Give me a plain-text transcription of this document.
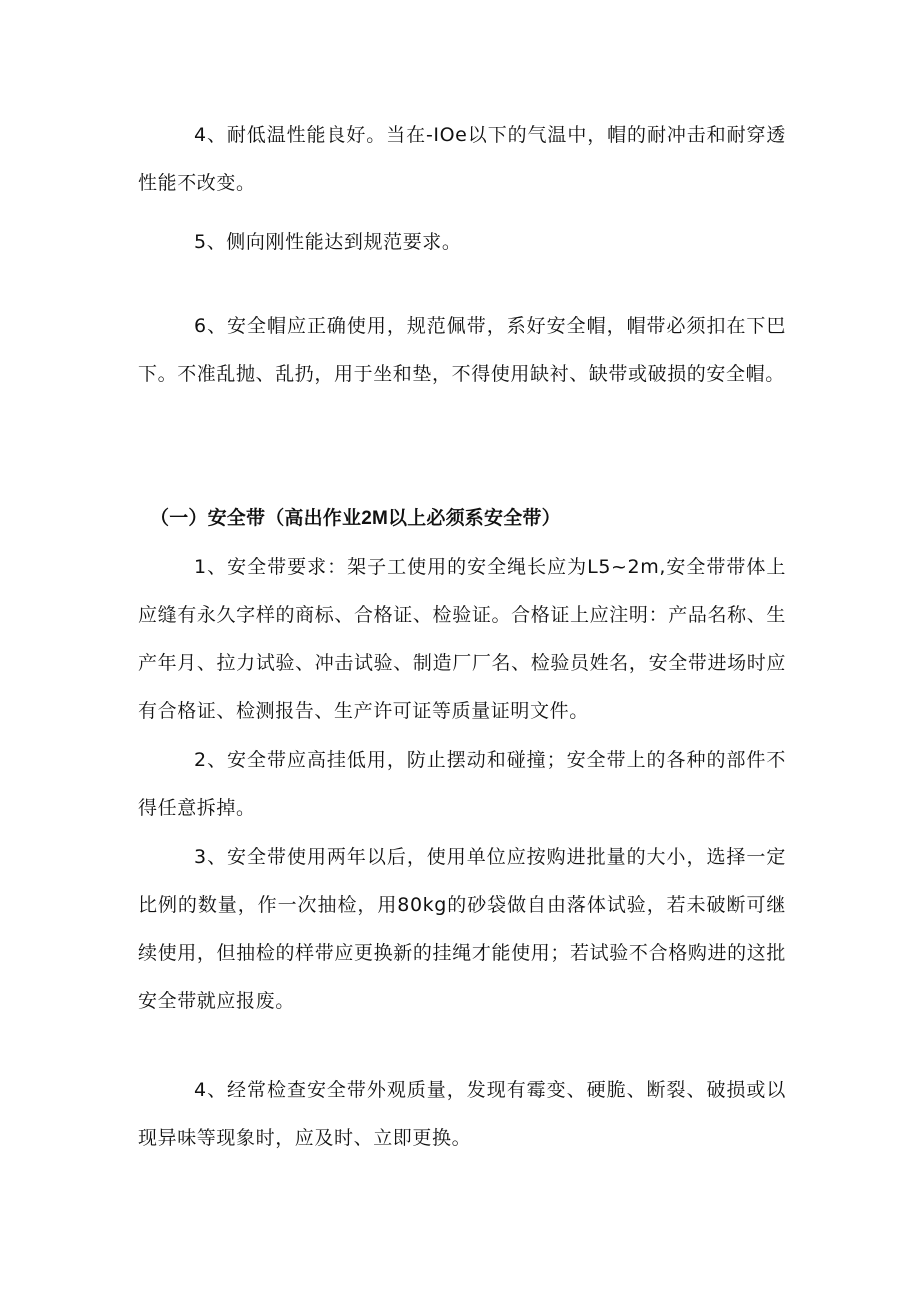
4、耐低温性能良好。当在-IOe以下的气温中，帽的耐冲击和耐穿透性能不改变。

5、侧向刚性能达到规范要求。

6、安全帽应正确使用，规范佩带，系好安全帽，帽带必须扣在下巴下。不准乱抛、乱扔，用于坐和垫，不得使用缺衬、缺带或破损的安全帽。

（一）安全带（高出作业2M以上必须系安全带）

1、安全带要求：架子工使用的安全绳长应为L5~2m,安全带带体上应缝有永久字样的商标、合格证、检验证。合格证上应注明：产品名称、生产年月、拉力试验、冲击试验、制造厂厂名、检验员姓名，安全带进场时应有合格证、检测报告、生产许可证等质量证明文件。

2、安全带应高挂低用，防止摆动和碰撞；安全带上的各种的部件不得任意拆掉。

3、安全带使用两年以后，使用单位应按购进批量的大小，选择一定比例的数量，作一次抽检，用80kg的砂袋做自由落体试验，若未破断可继续使用，但抽检的样带应更换新的挂绳才能使用；若试验不合格购进的这批安全带就应报废。

4、经常检查安全带外观质量，发现有霉变、硬脆、断裂、破损或以现异味等现象时，应及时、立即更换。
